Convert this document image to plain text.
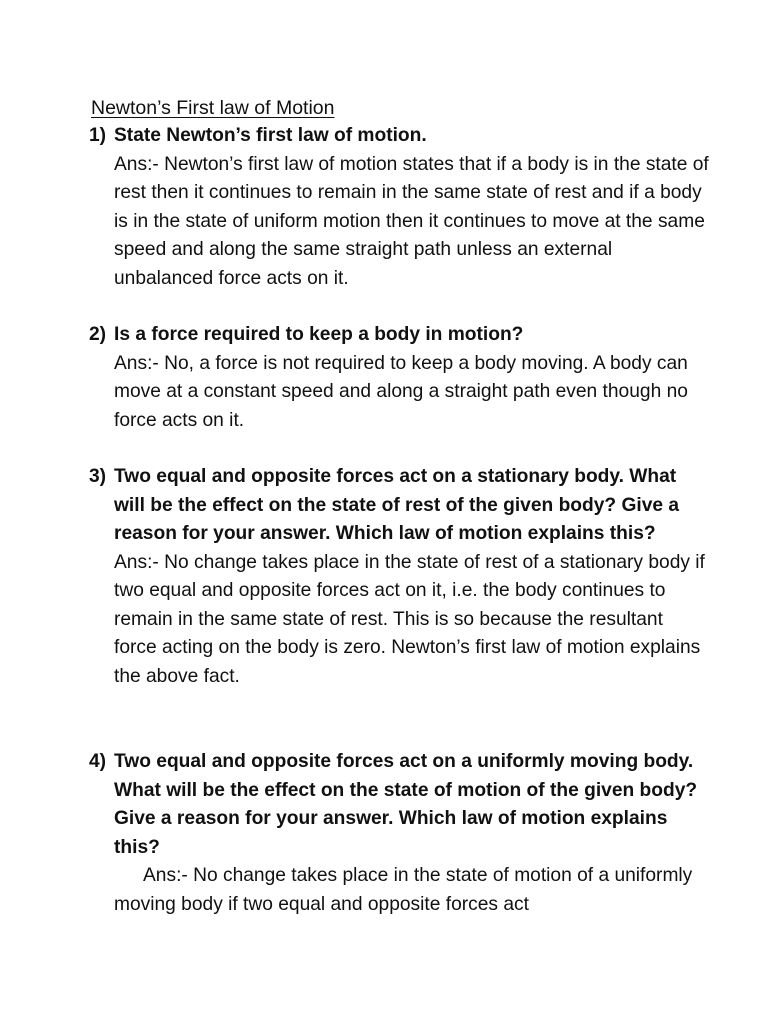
Newton’s First law of Motion
1) State Newton’s first law of motion.
Ans:- Newton’s first law of motion states that if a body is in the state of rest then it continues to remain in the same state of rest and if a body is in the state of uniform motion then it continues to move at the same speed and along the same straight path unless an external unbalanced force acts on it.
2) Is a force required to keep a body in motion?
Ans:- No, a force is not required to keep a body moving. A body can move at a constant speed and along a straight path even though no force acts on it.
3) Two equal and opposite forces act on a stationary body. What will be the effect on the state of rest of the given body? Give a reason for your answer. Which law of motion explains this?
Ans:- No change takes place in the state of rest of a stationary body if two equal and opposite forces act on it, i.e. the body continues to remain in the same state of rest. This is so because the resultant force acting on the body is zero. Newton’s first law of motion explains the above fact.
4) Two equal and opposite forces act on a uniformly moving body. What will be the effect on the state of motion of the given body? Give a reason for your answer. Which law of motion explains this?
Ans:- No change takes place in the state of motion of a uniformly moving body if two equal and opposite forces act
